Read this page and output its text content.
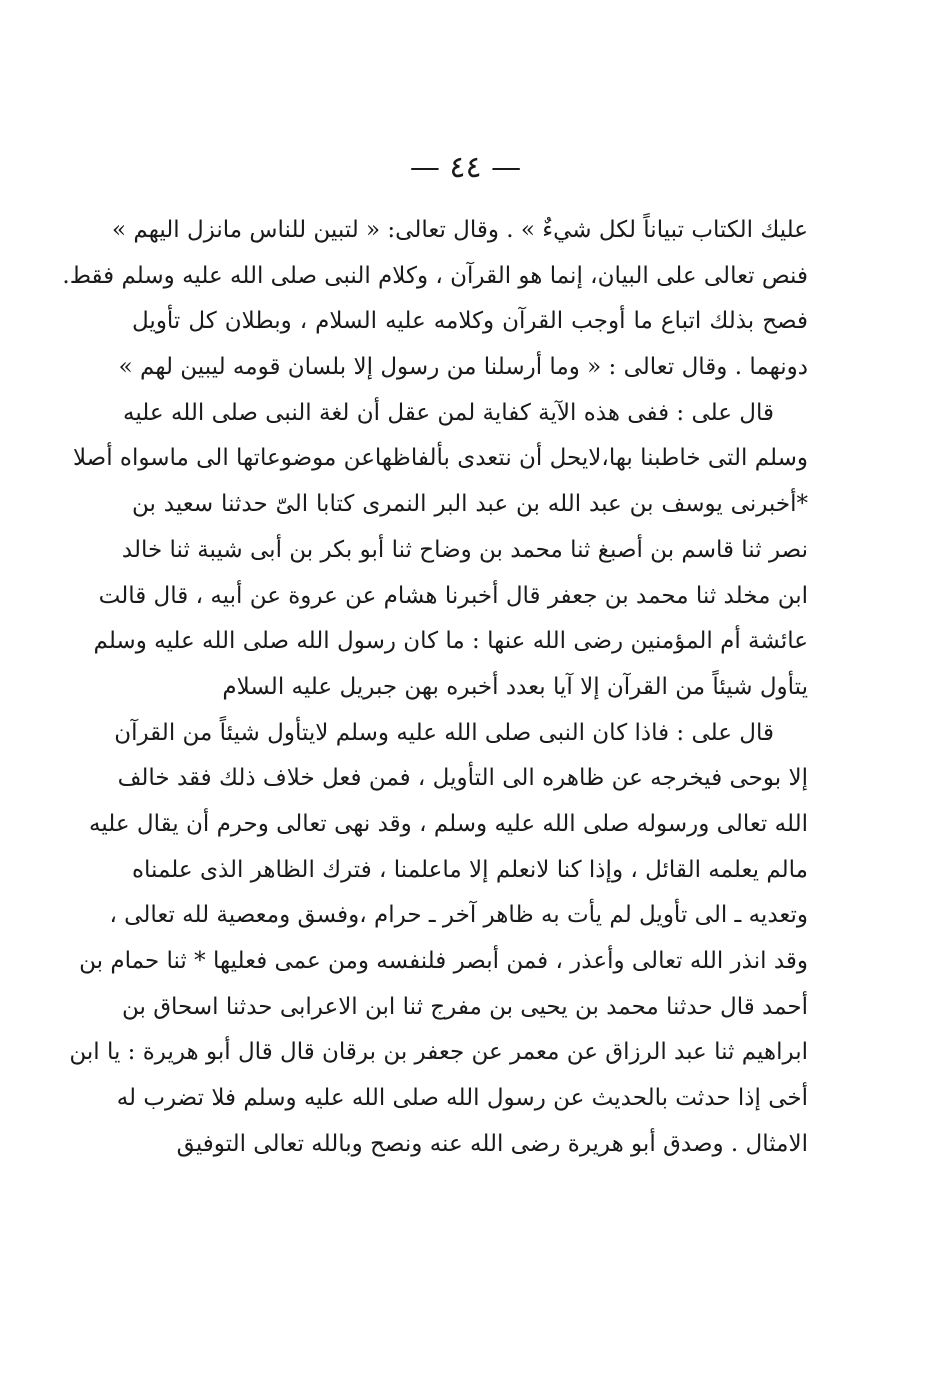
— ٤٤ —
عليك الكتاب تبياناً لكل شيءٌ » . وقال تعالى: « لتبين للناس مانزل اليهم »
فنص تعالى على البيان، إنما هو القرآن ، وكلام النبى صلى الله عليه وسلم فقط.
فصح بذلك اتباع ما أوجب القرآن وكلامه عليه السلام ، وبطلان كل تأويل
دونهما . وقال تعالى : « وما أرسلنا من رسول إلا بلسان قومه ليبين لهم »
قال على : ففى هذه الآية كفاية لمن عقل أن لغة النبى صلى الله عليه
وسلم التى خاطبنا بها،لايحل أن نتعدى بألفاظهاعن موضوعاتها الى ماسواه أصلا
*أخبرنى يوسف بن عبد الله بن عبد البر النمرى كتابا الىّ حدثنا سعيد بن
نصر ثنا قاسم بن أصبغ ثنا محمد بن وضاح ثنا أبو بكر بن أبى شيبة ثنا خالد
ابن مخلد ثنا محمد بن جعفر قال أخبرنا هشام عن عروة عن أبيه ، قال قالت
عائشة أم المؤمنين رضى الله عنها : ما كان رسول الله صلى الله عليه وسلم
يتأول شيئاً من القرآن إلا آيا بعدد أخبره بهن جبريل عليه السلام
قال على : فاذا كان النبى صلى الله عليه وسلم لايتأول شيئاً من القرآن
إلا بوحى فيخرجه عن ظاهره الى التأويل ، فمن فعل خلاف ذلك فقد خالف
الله تعالى ورسوله صلى الله عليه وسلم ، وقد نهى تعالى وحرم أن يقال عليه
مالم يعلمه القائل ، وإذا كنا لانعلم إلا ماعلمنا ، فترك الظاهر الذى علمناه
وتعديه ـ الى تأويل لم يأت به ظاهر آخر ـ حرام ،وفسق ومعصية لله تعالى ،
وقد انذر الله تعالى وأعذر ، فمن أبصر فلنفسه ومن عمى فعليها * ثنا حمام بن
أحمد قال حدثنا محمد بن يحيى بن مفرج ثنا ابن الاعرابى حدثنا اسحاق بن
ابراهيم ثنا عبد الرزاق عن معمر عن جعفر بن برقان قال قال أبو هريرة : يا ابن
أخى إذا حدثت بالحديث عن رسول الله صلى الله عليه وسلم فلا تضرب له
الامثال . وصدق أبو هريرة رضى الله عنه ونصح وبالله تعالى التوفيق
